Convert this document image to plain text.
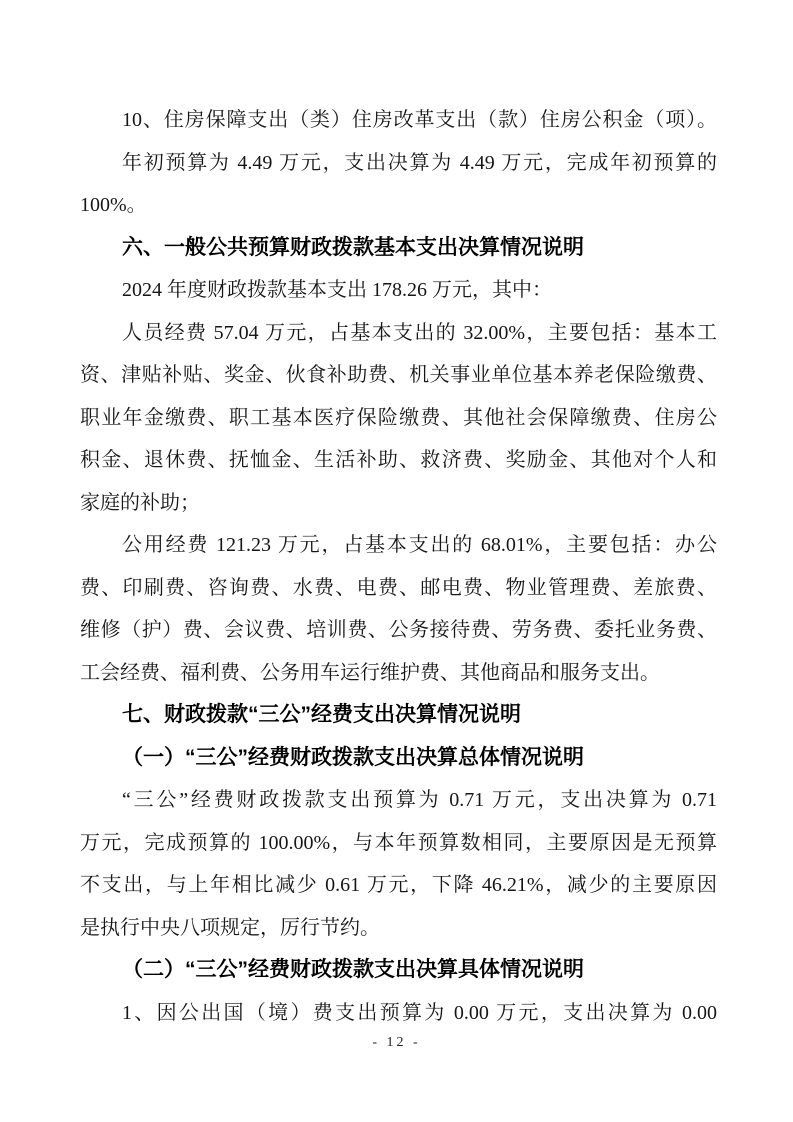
10、住房保障支出（类）住房改革支出（款）住房公积金（项）。
年初预算为 4.49 万元，支出决算为 4.49 万元，完成年初预算的
100%。
六、一般公共预算财政拨款基本支出决算情况说明
2024 年度财政拨款基本支出 178.26 万元，其中：
人员经费 57.04 万元，占基本支出的 32.00%，主要包括：基本工
资、津贴补贴、奖金、伙食补助费、机关事业单位基本养老保险缴费、
职业年金缴费、职工基本医疗保险缴费、其他社会保障缴费、住房公
积金、退休费、抚恤金、生活补助、救济费、奖励金、其他对个人和
家庭的补助；
公用经费 121.23 万元，占基本支出的 68.01%，主要包括：办公
费、印刷费、咨询费、水费、电费、邮电费、物业管理费、差旅费、
维修（护）费、会议费、培训费、公务接待费、劳务费、委托业务费、
工会经费、福利费、公务用车运行维护费、其他商品和服务支出。
七、财政拨款“三公”经费支出决算情况说明
（一）“三公”经费财政拨款支出决算总体情况说明
“三公”经费财政拨款支出预算为 0.71 万元，支出决算为 0.71
万元，完成预算的 100.00%，与本年预算数相同，主要原因是无预算
不支出，与上年相比减少 0.61 万元，下降 46.21%，减少的主要原因
是执行中央八项规定，厉行节约。
（二）“三公”经费财政拨款支出决算具体情况说明
1、因公出国（境）费支出预算为 0.00 万元，支出决算为 0.00
- 12 -
